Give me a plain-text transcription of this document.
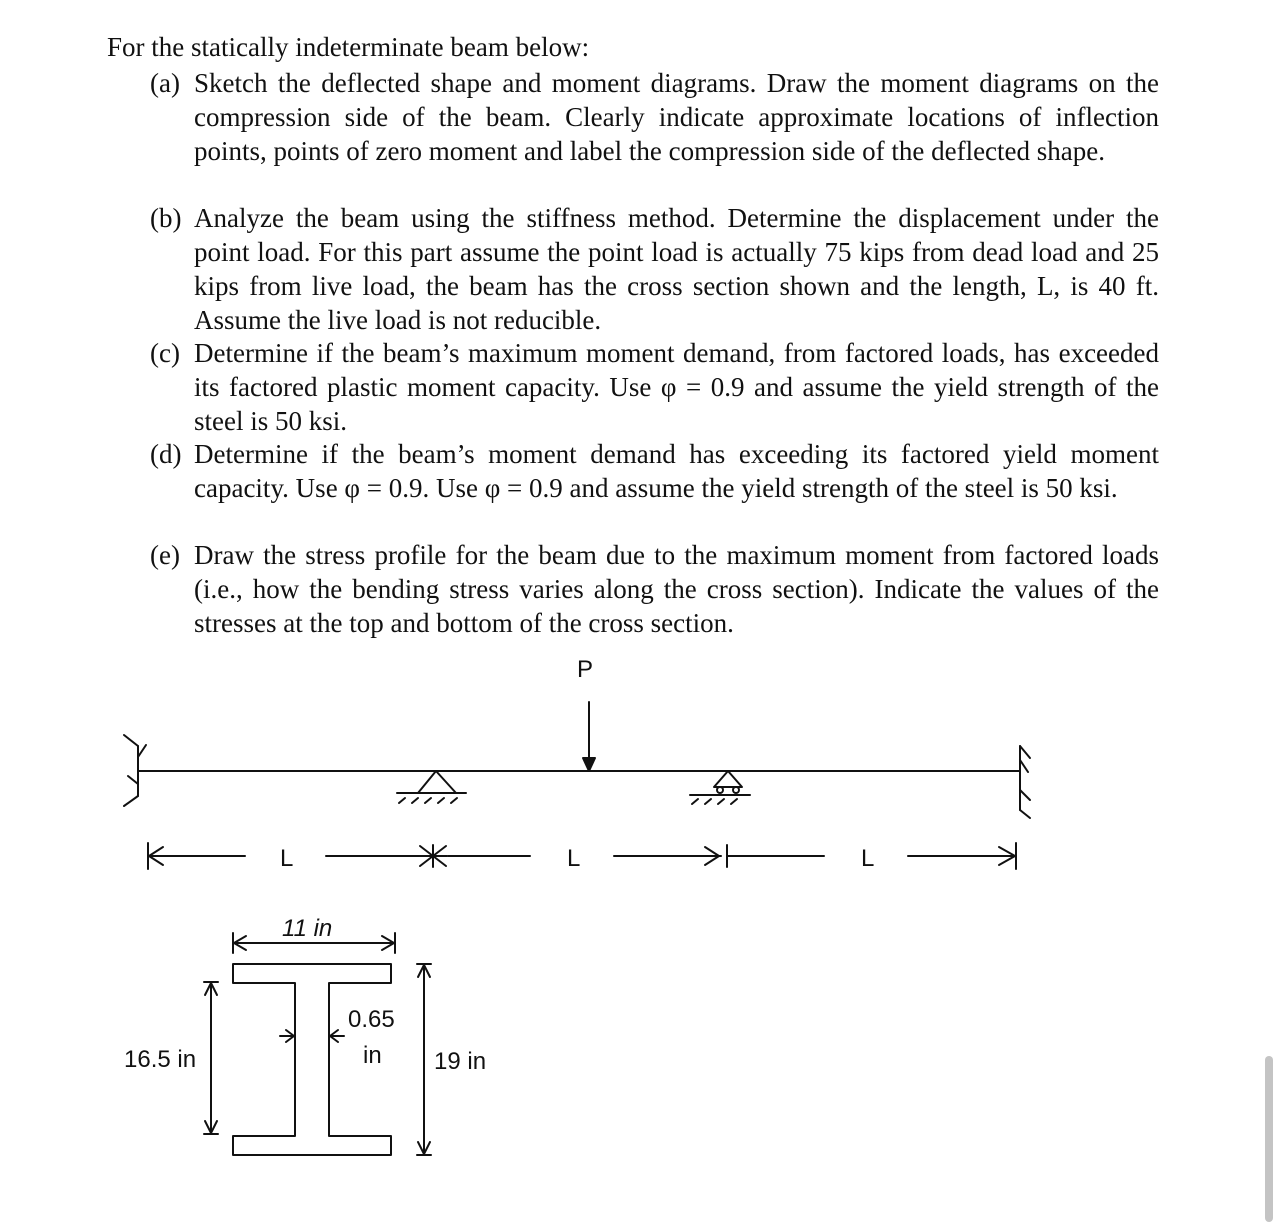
For the statically indeterminate beam below:
(a) Sketch the deflected shape and moment diagrams. Draw the moment diagrams on the compression side of the beam. Clearly indicate approximate locations of inflection points, points of zero moment and label the compression side of the deflected shape.
(b) Analyze the beam using the stiffness method. Determine the displacement under the point load. For this part assume the point load is actually 75 kips from dead load and 25 kips from live load, the beam has the cross section shown and the length, L, is 40 ft. Assume the live load is not reducible.
(c) Determine if the beam’s maximum moment demand, from factored loads, has exceeded its factored plastic moment capacity. Use φ = 0.9 and assume the yield strength of the steel is 50 ksi.
(d) Determine if the beam’s moment demand has exceeding its factored yield moment capacity. Use φ = 0.9. Use φ = 0.9 and assume the yield strength of the steel is 50 ksi.
(e) Draw the stress profile for the beam due to the maximum moment from factored loads (i.e., how the bending stress varies along the cross section). Indicate the values of the stresses at the top and bottom of the cross section.
P
L	L	L
11 in
0.65
in
16.5 in	19 in
